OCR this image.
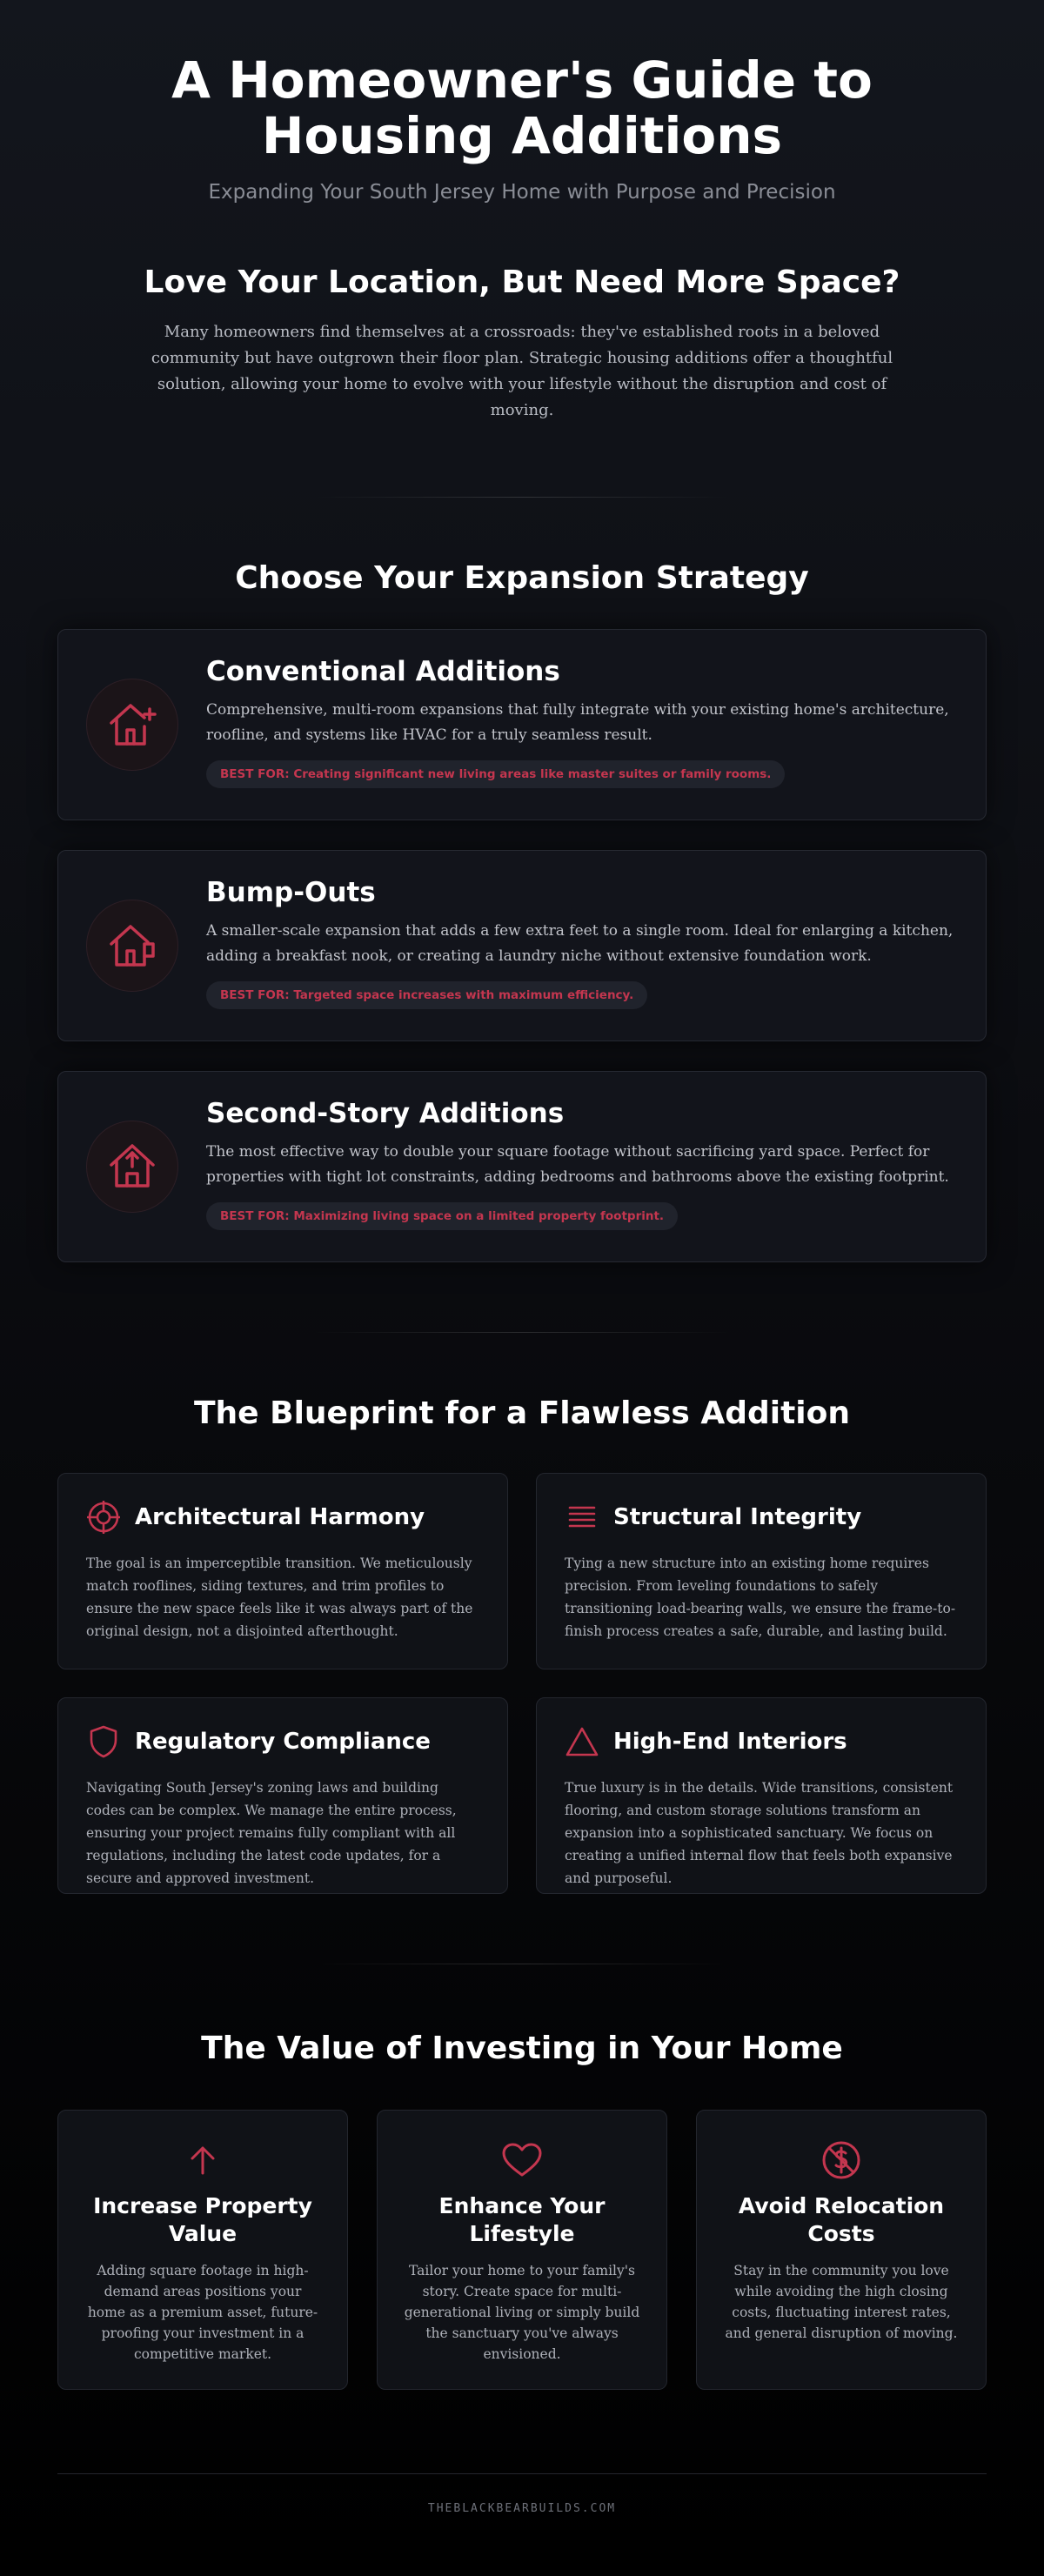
A Homeowner's Guide to Housing Additions
Expanding Your South Jersey Home with Purpose and Precision
Love Your Location, But Need More Space?

Many homeowners find themselves at a crossroads: they've established roots in a beloved community but have outgrown their floor plan. Strategic housing additions offer a thoughtful solution, allowing your home to evolve with your lifestyle without the disruption and cost of moving.

Choose Your Expansion Strategy
Conventional Additions

Comprehensive, multi-room expansions that fully integrate with your existing home's architecture, roofline, and systems like HVAC for a truly seamless result.

BEST FOR: Creating significant new living areas like master suites or family rooms.
Bump-Outs

A smaller-scale expansion that adds a few extra feet to a single room. Ideal for enlarging a kitchen, adding a breakfast nook, or creating a laundry niche without extensive foundation work.

BEST FOR: Targeted space increases with maximum efficiency.
Second-Story Additions

The most effective way to double your square footage without sacrificing yard space. Perfect for properties with tight lot constraints, adding bedrooms and bathrooms above the existing footprint.

BEST FOR: Maximizing living space on a limited property footprint.
The Blueprint for a Flawless Addition
Architectural Harmony

The goal is an imperceptible transition. We meticulously match rooflines, siding textures, and trim profiles to ensure the new space feels like it was always part of the original design, not a disjointed afterthought.

Structural Integrity

Tying a new structure into an existing home requires precision. From leveling foundations to safely transitioning load-bearing walls, we ensure the frame-to-finish process creates a safe, durable, and lasting build.

Regulatory Compliance

Navigating South Jersey's zoning laws and building codes can be complex. We manage the entire process, ensuring your project remains fully compliant with all regulations, including the latest code updates, for a secure and approved investment.

High-End Interiors

True luxury is in the details. Wide transitions, consistent flooring, and custom storage solutions transform an expansion into a sophisticated sanctuary. We focus on creating a unified internal flow that feels both expansive and purposeful.

The Value of Investing in Your Home
Increase Property Value

Adding square footage in high-demand areas positions your home as a premium asset, future-proofing your investment in a competitive market.

Enhance Your Lifestyle

Tailor your home to your family's story. Create space for multi-generational living or simply build the sanctuary you've always envisioned.

Avoid Relocation Costs

Stay in the community you love while avoiding the high closing costs, fluctuating interest rates, and general disruption of moving.

THEBLACKBEARBUILDS.COM
